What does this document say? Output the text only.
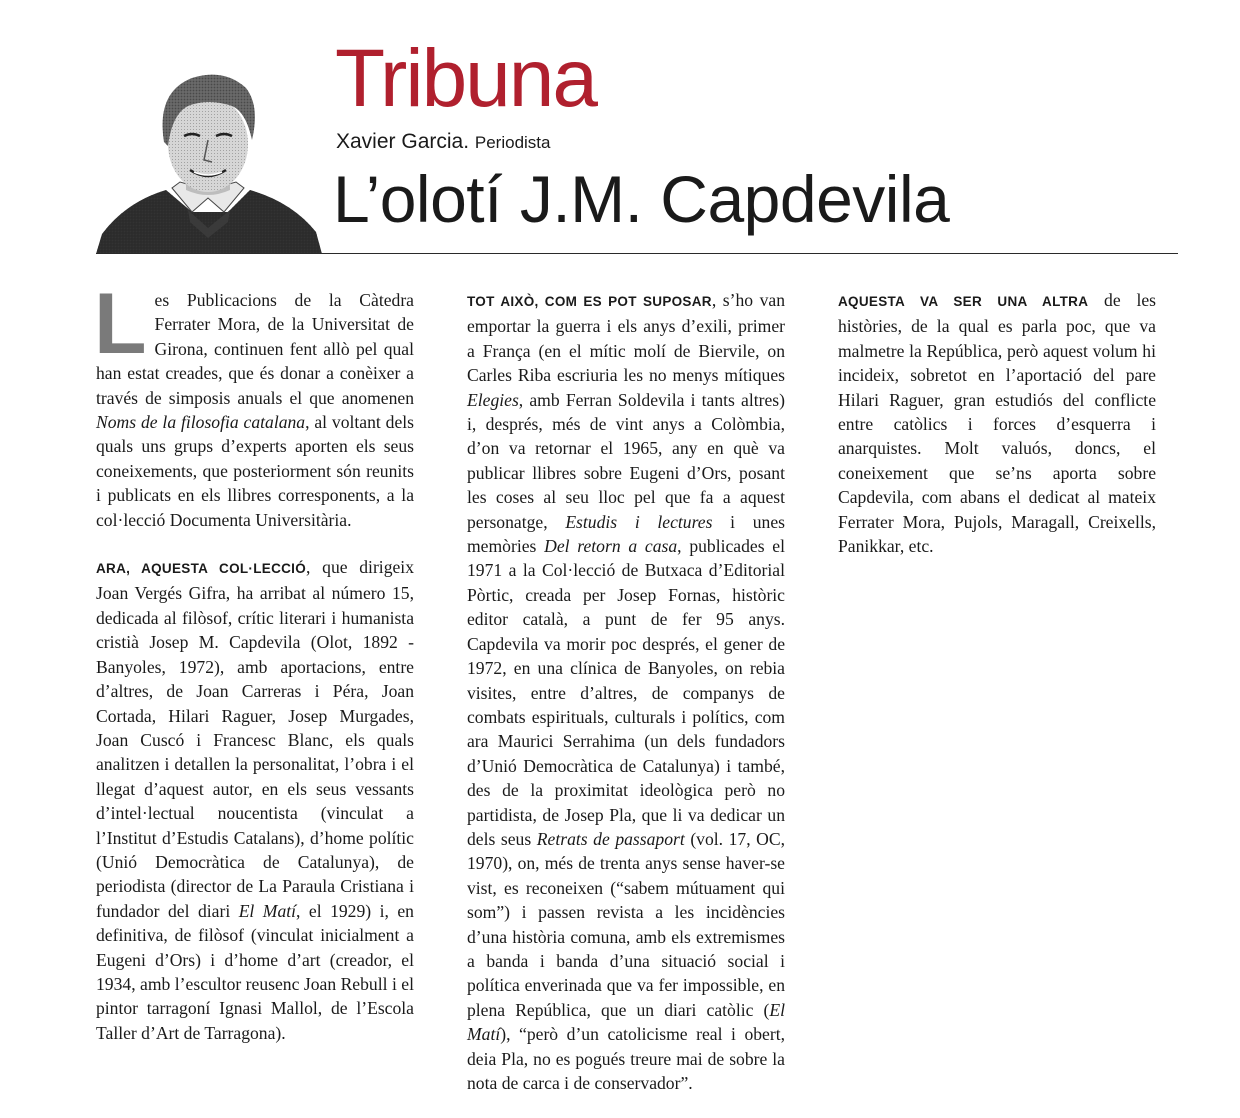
Tribuna
Xavier Garcia. Periodista
L’olotí J.M. Capdevila

Les Publicacions de la Càtedra Ferrater Mora, de la Universitat de Girona, continuen fent allò pel qual han estat creades, que és donar a conèixer a través de simposis anuals el que anomenen Noms de la filosofia catalana, al voltant dels quals uns grups d’experts aporten els seus coneixements, que posteriorment són reunits i publicats en els llibres corresponents, a la col·lecció Documenta Universitària.

ARA, AQUESTA COL·LECCIÓ, que dirigeix Joan Vergés Gifra, ha arribat al número 15, dedicada al filòsof, crític literari i humanista cristià Josep M. Capdevila (Olot, 1892 - Banyoles, 1972), amb aportacions, entre d’altres, de Joan Carreras i Péra, Joan Cortada, Hilari Raguer, Josep Murgades, Joan Cuscó i Francesc Blanc, els quals analitzen i detallen la personalitat, l’obra i el llegat d’aquest autor, en els seus vessants d’intel·lectual noucentista (vinculat a l’Institut d’Estudis Catalans), d’home polític (Unió Democràtica de Catalunya), de periodista (director de La Paraula Cristiana i fundador del diari El Matí, el 1929) i, en definitiva, de filòsof (vinculat inicialment a Eugeni d’Ors) i d’home d’art (creador, el 1934, amb l’escultor reusenc Joan Rebull i el pintor tarragoní Ignasi Mallol, de l’Escola Taller d’Art de Tarragona).

TOT AIXÒ, COM ES POT SUPOSAR, s’ho van emportar la guerra i els anys d’exili, primer a França (en el mític molí de Biervile, on Carles Riba escriuria les no menys mítiques Elegies, amb Ferran Soldevila i tants altres) i, després, més de vint anys a Colòmbia, d’on va retornar el 1965, any en què va publicar llibres sobre Eugeni d’Ors, posant les coses al seu lloc pel que fa a aquest personatge, Estudis i lectures i unes memòries Del retorn a casa, publicades el 1971 a la Col·lecció de Butxaca d’Editorial Pòrtic, creada per Josep Fornas, històric editor català, a punt de fer 95 anys. Capdevila va morir poc després, el gener de 1972, en una clínica de Banyoles, on rebia visites, entre d’altres, de companys de combats espirituals, culturals i polítics, com ara Maurici Serrahima (un dels fundadors d’Unió Democràtica de Catalunya) i també, des de la proximitat ideològica però no partidista, de Josep Pla, que li va dedicar un dels seus Retrats de passaport (vol. 17, OC, 1970), on, més de trenta anys sense haver-se vist, es reconeixen (“sabem mútuament qui som”) i passen revista a les incidències d’una història comuna, amb els extremismes a banda i banda d’una situació social i política enverinada que va fer impossible, en plena República, que un diari catòlic (El Matí), “però d’un catolicisme real i obert, deia Pla, no es pogués treure mai de sobre la nota de carca i de conservador”.

AQUESTA VA SER UNA ALTRA de les històries, de la qual es parla poc, que va malmetre la República, però aquest volum hi incideix, sobretot en l’aportació del pare Hilari Raguer, gran estudiós del conflicte entre catòlics i forces d’esquerra i anarquistes. Molt valuós, doncs, el coneixement que se’ns aporta sobre Capdevila, com abans el dedicat al mateix Ferrater Mora, Pujols, Maragall, Creixells, Panikkar, etc.
